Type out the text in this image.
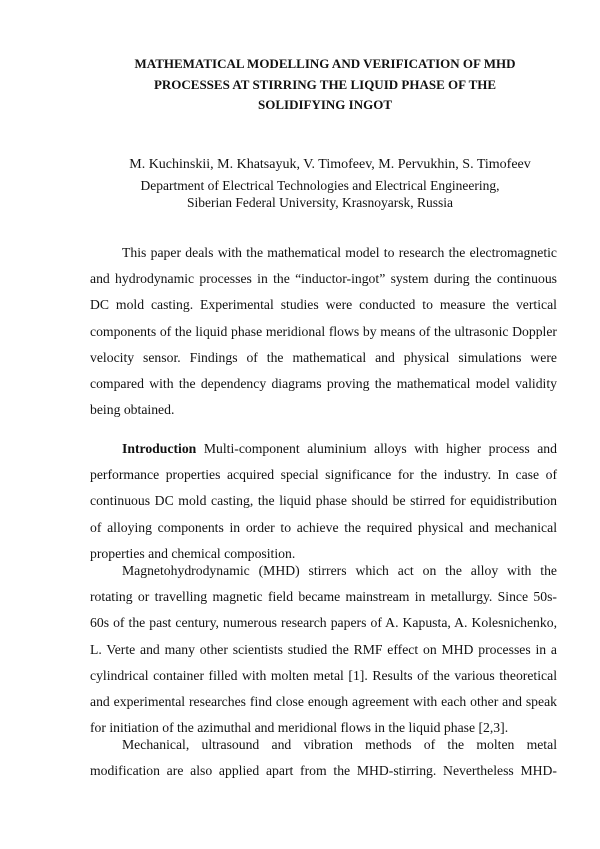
MATHEMATICAL MODELLING AND VERIFICATION OF MHD
PROCESSES AT STIRRING THE LIQUID PHASE OF THE
SOLIDIFYING INGOT

M. Kuchinskii, M. Khatsayuk, V. Timofeev, M. Pervukhin, S. Timofeev

Department of Electrical Technologies and Electrical Engineering,
Siberian Federal University, Krasnoyarsk, Russia

This paper deals with the mathematical model to research the electromagnetic
and hydrodynamic processes in the “inductor-ingot” system during the continuous
DC mold casting. Experimental studies were conducted to measure the vertical
components of the liquid phase meridional flows by means of the ultrasonic Doppler
velocity sensor. Findings of the mathematical and physical simulations were
compared with the dependency diagrams proving the mathematical model validity
being obtained.
Introduction Multi-component aluminium alloys with higher process and
performance properties acquired special significance for the industry. In case of
continuous DC mold casting, the liquid phase should be stirred for equidistribution
of alloying components in order to achieve the required physical and mechanical
properties and chemical composition.
Magnetohydrodynamic (MHD) stirrers which act on the alloy with the
rotating or travelling magnetic field became mainstream in metallurgy. Since 50s-
60s of the past century, numerous research papers of A. Kapusta, A. Kolesnichenko,
L. Verte and many other scientists studied the RMF effect on MHD processes in a
cylindrical container filled with molten metal [1]. Results of the various theoretical
and experimental researches find close enough agreement with each other and speak
for initiation of the azimuthal and meridional flows in the liquid phase [2,3].
Mechanical, ultrasound and vibration methods of the molten metal
modification are also applied apart from the MHD-stirring. Nevertheless MHD-
